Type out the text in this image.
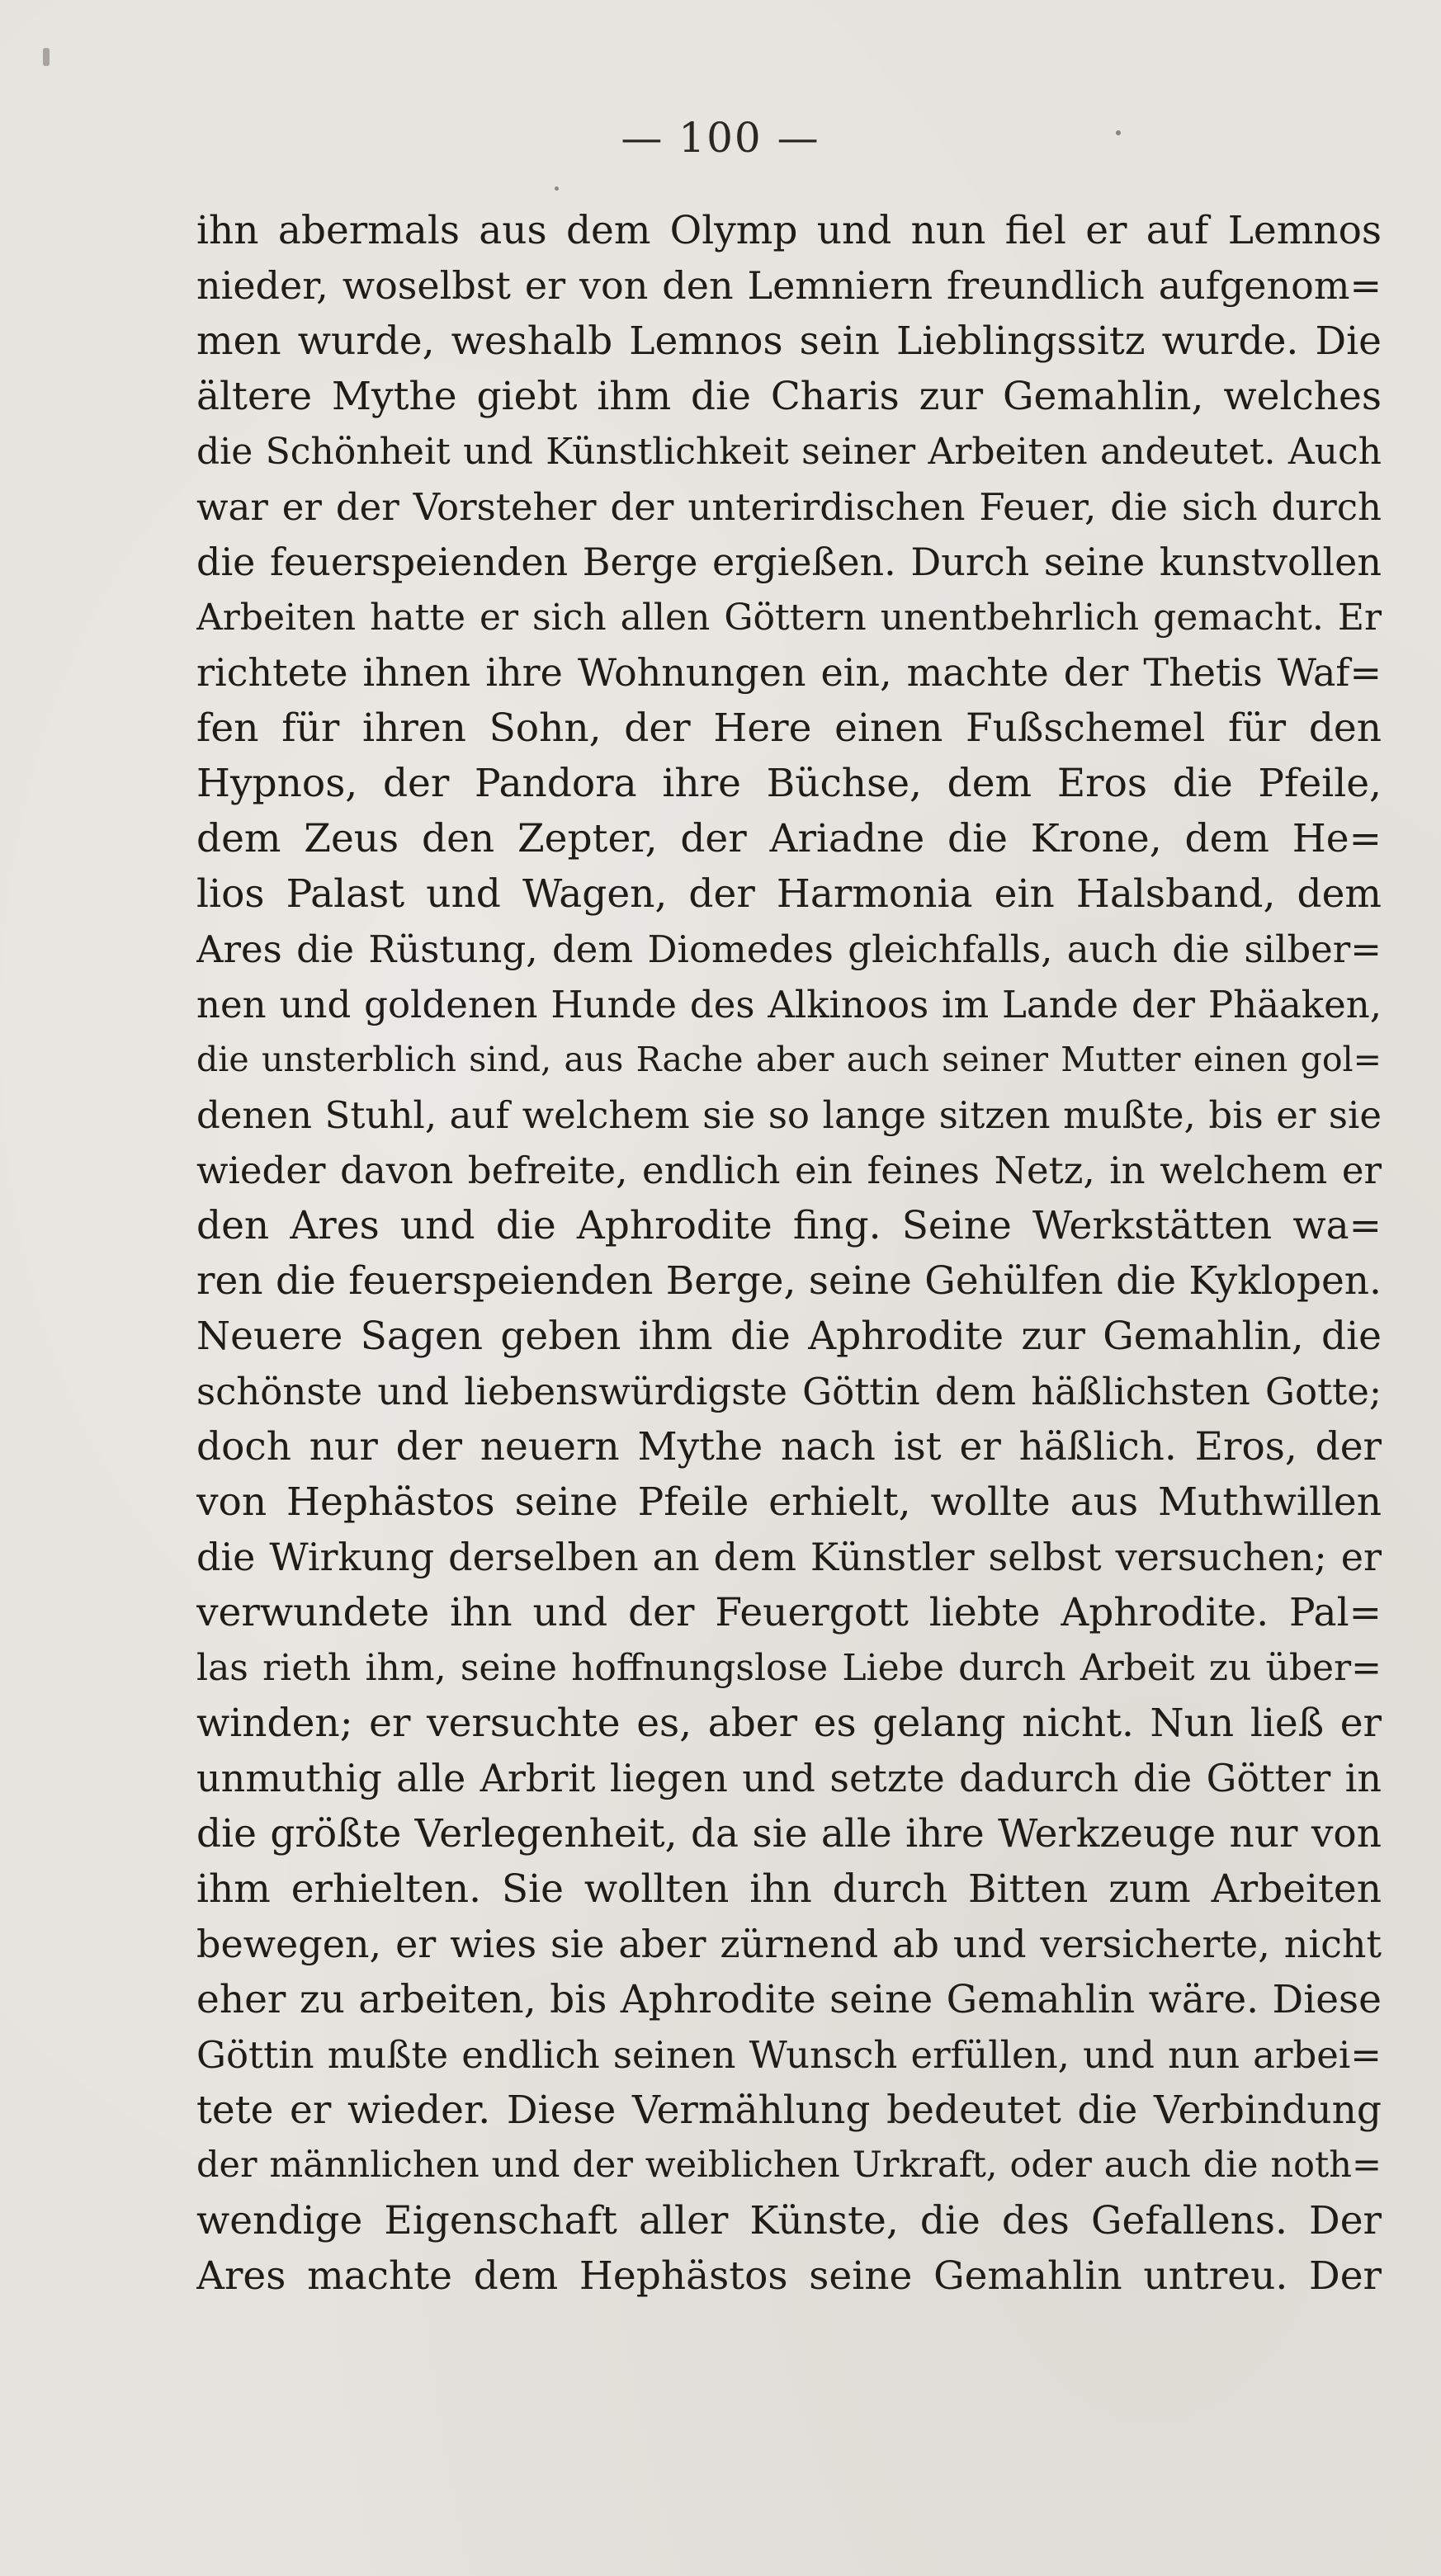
— 100 —
ihn abermals aus dem Olymp und nun fiel er auf Lemnos
nieder, woselbst er von den Lemniern freundlich aufgenom=
men wurde, weshalb Lemnos sein Lieblingssitz wurde. Die
ältere Mythe giebt ihm die Charis zur Gemahlin, welches
die Schönheit und Künstlichkeit seiner Arbeiten andeutet. Auch
war er der Vorsteher der unterirdischen Feuer, die sich durch
die feuerspeienden Berge ergießen. Durch seine kunstvollen
Arbeiten hatte er sich allen Göttern unentbehrlich gemacht. Er
richtete ihnen ihre Wohnungen ein, machte der Thetis Waf=
fen für ihren Sohn, der Here einen Fußschemel für den
Hypnos, der Pandora ihre Büchse, dem Eros die Pfeile,
dem Zeus den Zepter, der Ariadne die Krone, dem He=
lios Palast und Wagen, der Harmonia ein Halsband, dem
Ares die Rüstung, dem Diomedes gleichfalls, auch die silber=
nen und goldenen Hunde des Alkinoos im Lande der Phäaken,
die unsterblich sind, aus Rache aber auch seiner Mutter einen gol=
denen Stuhl, auf welchem sie so lange sitzen mußte, bis er sie
wieder davon befreite, endlich ein feines Netz, in welchem er
den Ares und die Aphrodite fing. Seine Werkstätten wa=
ren die feuerspeienden Berge, seine Gehülfen die Kyklopen.
Neuere Sagen geben ihm die Aphrodite zur Gemahlin, die
schönste und liebenswürdigste Göttin dem häßlichsten Gotte;
doch nur der neuern Mythe nach ist er häßlich. Eros, der
von Hephästos seine Pfeile erhielt, wollte aus Muthwillen
die Wirkung derselben an dem Künstler selbst versuchen; er
verwundete ihn und der Feuergott liebte Aphrodite. Pal=
las rieth ihm, seine hoffnungslose Liebe durch Arbeit zu über=
winden; er versuchte es, aber es gelang nicht. Nun ließ er
unmuthig alle Arbrit liegen und setzte dadurch die Götter in
die größte Verlegenheit, da sie alle ihre Werkzeuge nur von
ihm erhielten. Sie wollten ihn durch Bitten zum Arbeiten
bewegen, er wies sie aber zürnend ab und versicherte, nicht
eher zu arbeiten, bis Aphrodite seine Gemahlin wäre. Diese
Göttin mußte endlich seinen Wunsch erfüllen, und nun arbei=
tete er wieder. Diese Vermählung bedeutet die Verbindung
der männlichen und der weiblichen Urkraft, oder auch die noth=
wendige Eigenschaft aller Künste, die des Gefallens. Der
Ares machte dem Hephästos seine Gemahlin untreu. Der
